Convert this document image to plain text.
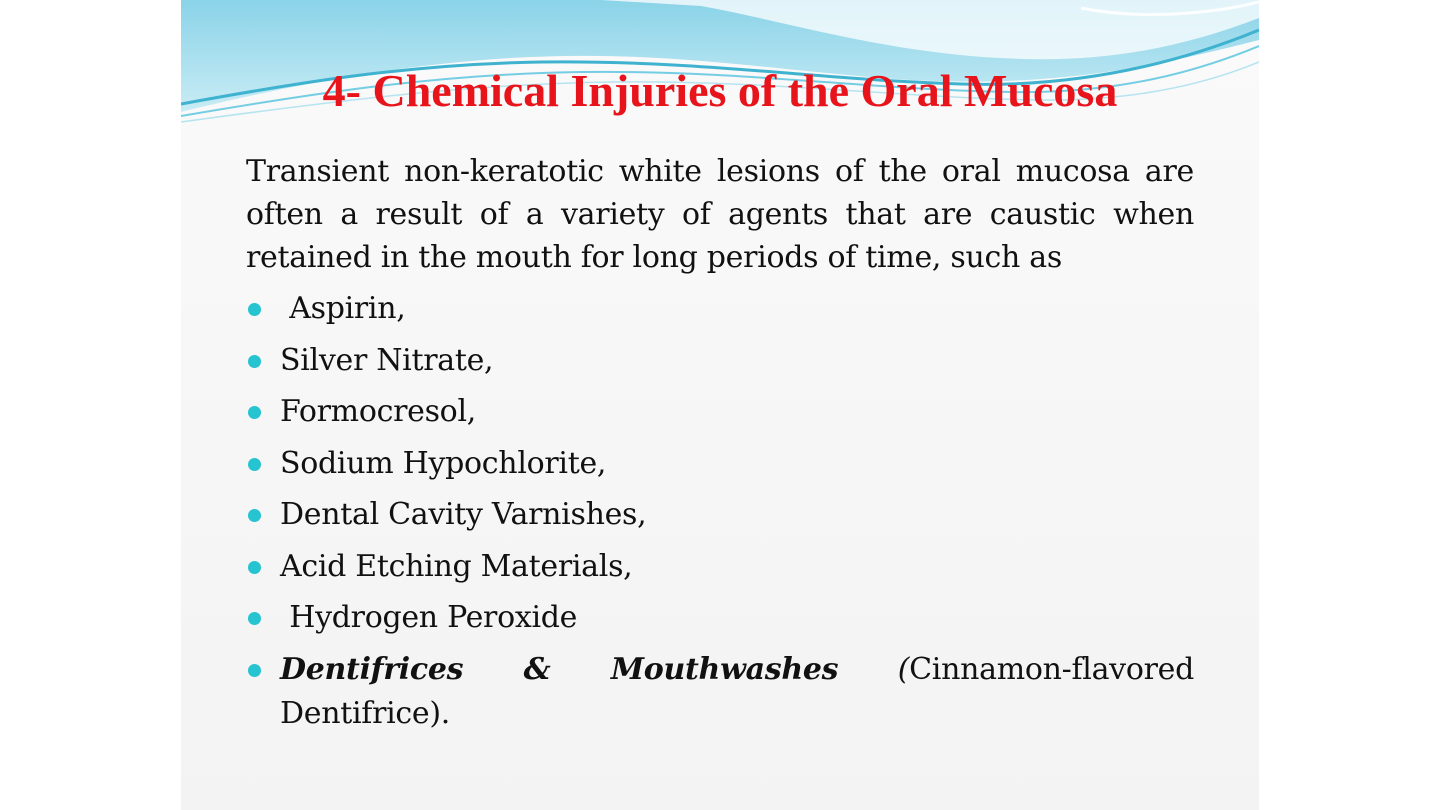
4- Chemical Injuries of the Oral Mucosa

Transient non-keratotic white lesions of the oral mucosa are often a result of a variety of agents that are caustic when retained in the mouth for long periods of time, such as

Aspirin,
Silver Nitrate,
Formocresol,
Sodium Hypochlorite,
Dental Cavity Varnishes,
Acid Etching Materials,
Hydrogen Peroxide
Dentifrices & Mouthwashes (Cinnamon-flavored Dentifrice).
